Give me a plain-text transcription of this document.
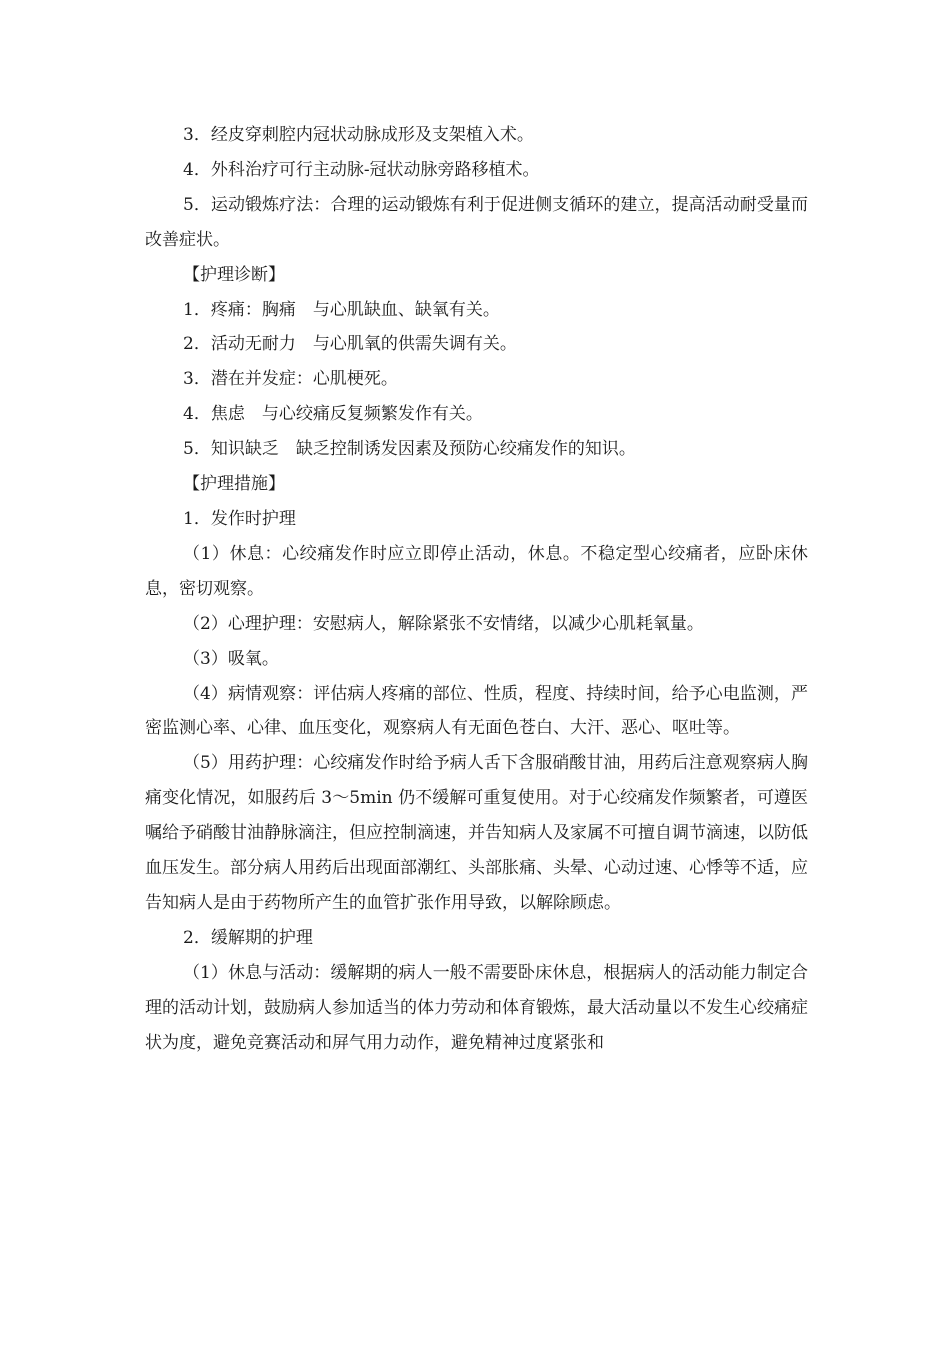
3．经皮穿刺腔内冠状动脉成形及支架植入术。

4．外科治疗可行主动脉-冠状动脉旁路移植术。

5．运动锻炼疗法：合理的运动锻炼有利于促进侧支循环的建立，提高活动耐受量而改善症状。

【护理诊断】

1．疼痛：胸痛　与心肌缺血、缺氧有关。

2．活动无耐力　与心肌氧的供需失调有关。

3．潜在并发症：心肌梗死。

4．焦虑　与心绞痛反复频繁发作有关。

5．知识缺乏　缺乏控制诱发因素及预防心绞痛发作的知识。

【护理措施】

1．发作时护理

（1）休息：心绞痛发作时应立即停止活动，休息。不稳定型心绞痛者，应卧床休息，密切观察。

（2）心理护理：安慰病人，解除紧张不安情绪，以减少心肌耗氧量。

（3）吸氧。

（4）病情观察：评估病人疼痛的部位、性质，程度、持续时间，给予心电监测，严密监测心率、心律、血压变化，观察病人有无面色苍白、大汗、恶心、呕吐等。

（5）用药护理：心绞痛发作时给予病人舌下含服硝酸甘油，用药后注意观察病人胸痛变化情况，如服药后 3～5min 仍不缓解可重复使用。对于心绞痛发作频繁者，可遵医嘱给予硝酸甘油静脉滴注，但应控制滴速，并告知病人及家属不可擅自调节滴速，以防低血压发生。部分病人用药后出现面部潮红、头部胀痛、头晕、心动过速、心悸等不适，应告知病人是由于药物所产生的血管扩张作用导致，以解除顾虑。

2．缓解期的护理

（1）休息与活动：缓解期的病人一般不需要卧床休息，根据病人的活动能力制定合理的活动计划，鼓励病人参加适当的体力劳动和体育锻炼，最大活动量以不发生心绞痛症状为度，避免竞赛活动和屏气用力动作，避免精神过度紧张和
